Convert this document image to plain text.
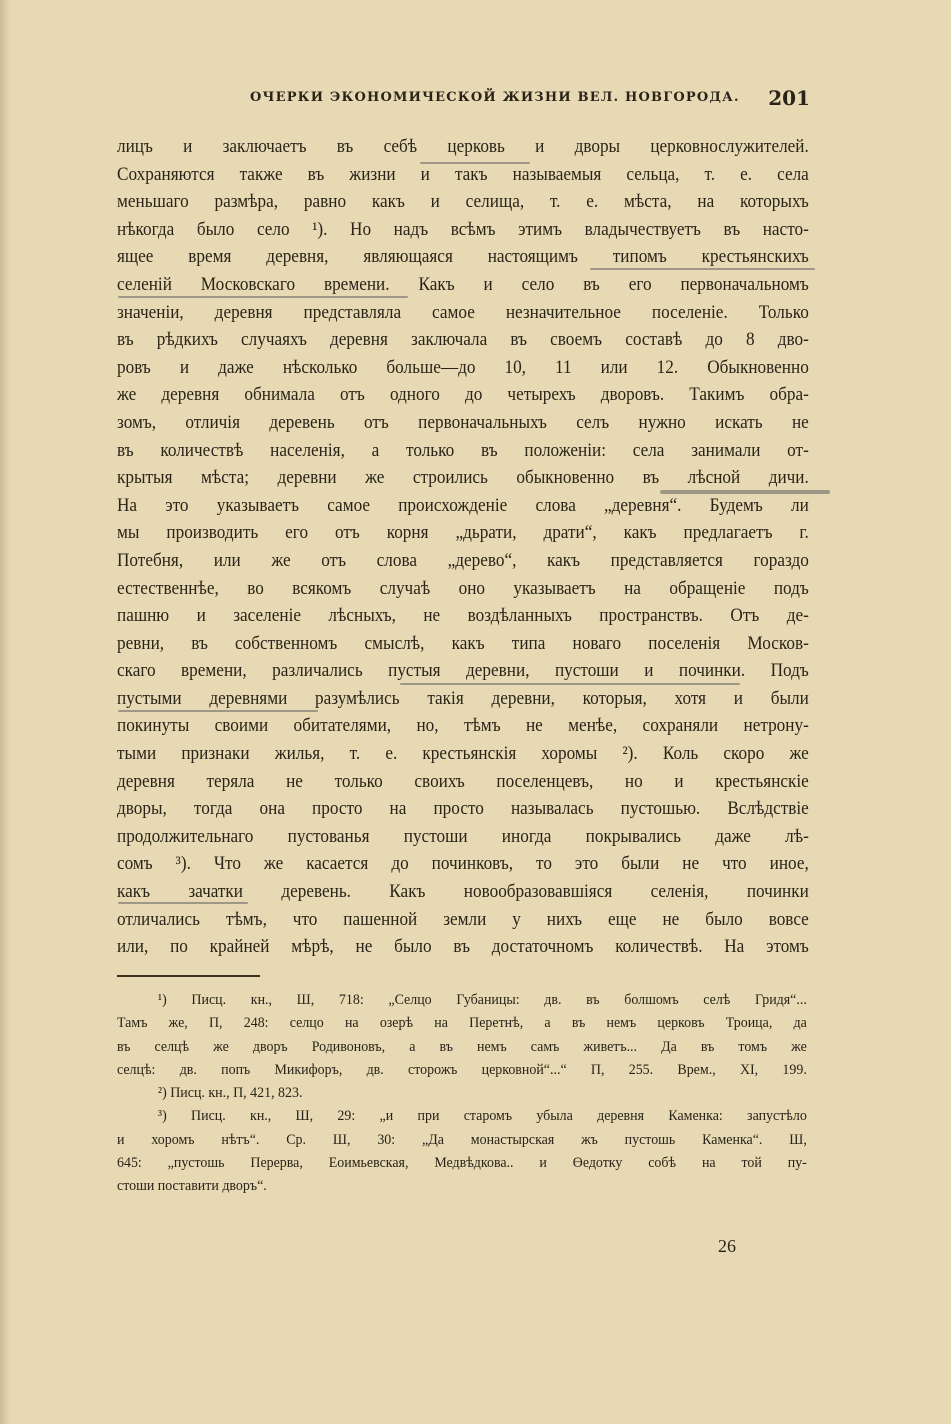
ОЧЕРКИ ЭКОНОМИЧЕСКОЙ ЖИЗНИ ВЕЛ. НОВГОРОДА. 201
лицъ и заключаетъ въ себѣ церковь и дворы церковнослужителей.
Сохраняются также въ жизни и такъ называемыя сельца, т. е. села
меньшаго размѣра, равно какъ и селища, т. е. мѣста, на которыхъ
нѣкогда было село ¹). Но надъ всѣмъ этимъ владычествуетъ въ насто-
ящее время деревня, являющаяся настоящимъ типомъ крестьянскихъ
селеній Московскаго времени. Какъ и село въ его первоначальномъ
значеніи, деревня представляла самое незначительное поселеніе. Только
въ рѣдкихъ случаяхъ деревня заключала въ своемъ составѣ до 8 дво-
ровъ и даже нѣсколько больше—до 10, 11 или 12. Обыкновенно
же деревня обнимала отъ одного до четырехъ дворовъ. Такимъ обра-
зомъ, отличія деревень отъ первоначальныхъ селъ нужно искать не
въ количествѣ населенія, а только въ положеніи: села занимали от-
крытыя мѣста; деревни же строились обыкновенно въ лѣсной дичи.
На это указываетъ самое происхожденіе слова „деревня“. Будемъ ли
мы производить его отъ корня „дьрати, драти“, какъ предлагаетъ г.
Потебня, или же отъ слова „дерево“, какъ представляется гораздо
естественнѣе, во всякомъ случаѣ оно указываетъ на обращеніе подъ
пашню и заселеніе лѣсныхъ, не воздѣланныхъ пространствъ. Отъ де-
ревни, въ собственномъ смыслѣ, какъ типа новаго поселенія Москов-
скаго времени, различались пустыя деревни, пустоши и починки. Подъ
пустыми деревнями разумѣлись такія деревни, которыя, хотя и были
покинуты своими обитателями, но, тѣмъ не менѣе, сохраняли нетрону-
тыми признаки жилья, т. е. крестьянскія хоромы ²). Коль скоро же
деревня теряла не только своихъ поселенцевъ, но и крестьянскіе
дворы, тогда она просто на просто называлась пустошью. Вслѣдствіе
продолжительнаго пустованья пустоши иногда покрывались даже лѣ-
сомъ ³). Что же касается до починковъ, то это были не что иное,
какъ зачатки деревень. Какъ новообразовавшіяся селенія, починки
отличались тѣмъ, что пашенной земли у нихъ еще не было вовсе
или, по крайней мѣрѣ, не было въ достаточномъ количествѣ. На этомъ
¹) Писц. кн., Ш, 718: „Селцо Губаницы: дв. въ болшомъ селѣ Гридя“...
Тамъ же, П, 248: селцо на озерѣ на Перетнѣ, а въ немъ церковъ Троица, да
въ селцѣ же дворъ Родивоновъ, а въ немъ самъ живетъ... Да въ томъ же
селцѣ: дв. попъ Микифоръ, дв. сторожъ церковной“...“ П, 255. Врем., XI, 199.
²) Писц. кн., П, 421, 823.
³) Писц. кн., Ш, 29: „и при старомъ убыла деревня Каменка: запустѣло
и хоромъ нѣтъ“. Ср. Ш, 30: „Да монастырская жъ пустошь Каменка“. Ш,
645: „пустошь Перерва, Еоимьевская, Медвѣдкова.. и Өедотку собѣ на той пу-
стоши поставити дворъ“.
26
